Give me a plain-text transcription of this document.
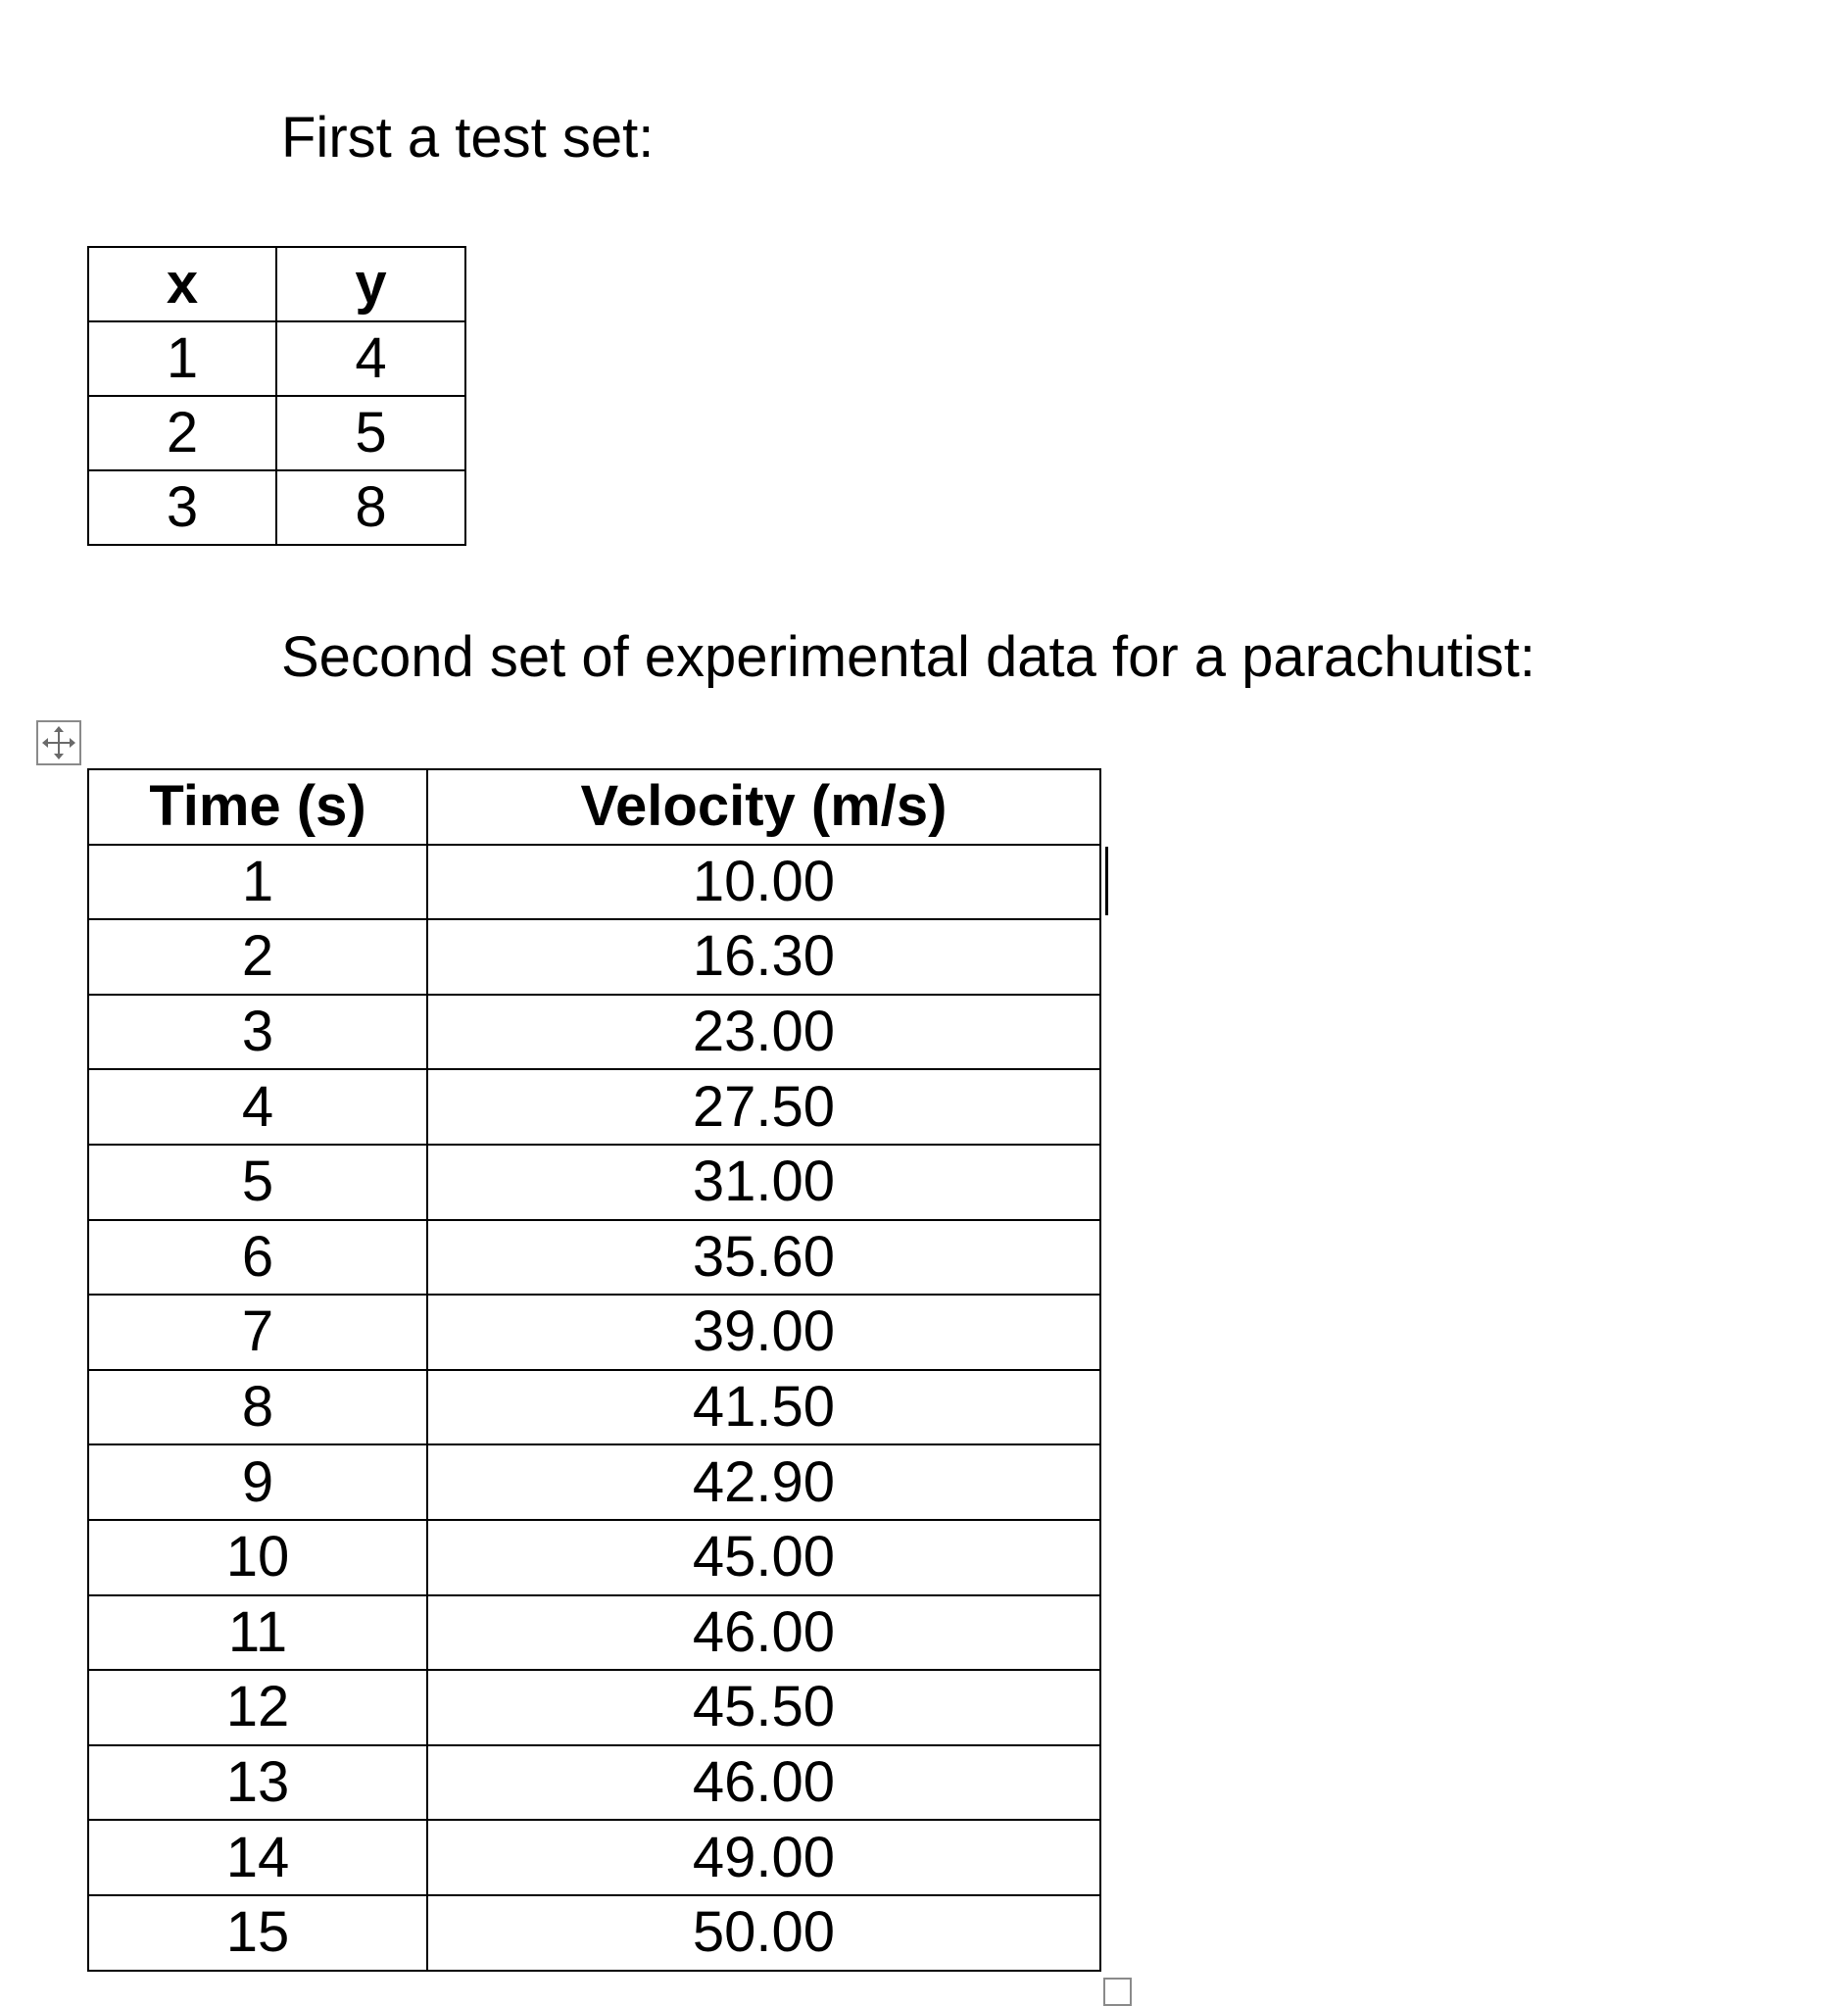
First a test set:
x	y
1	4
2	5
3	8
Second set of experimental data for a parachutist:
Time (s)	Velocity (m/s)
1	10.00
2	16.30
3	23.00
4	27.50
5	31.00
6	35.60
7	39.00
8	41.50
9	42.90
10	45.00
11	46.00
12	45.50
13	46.00
14	49.00
15	50.00
